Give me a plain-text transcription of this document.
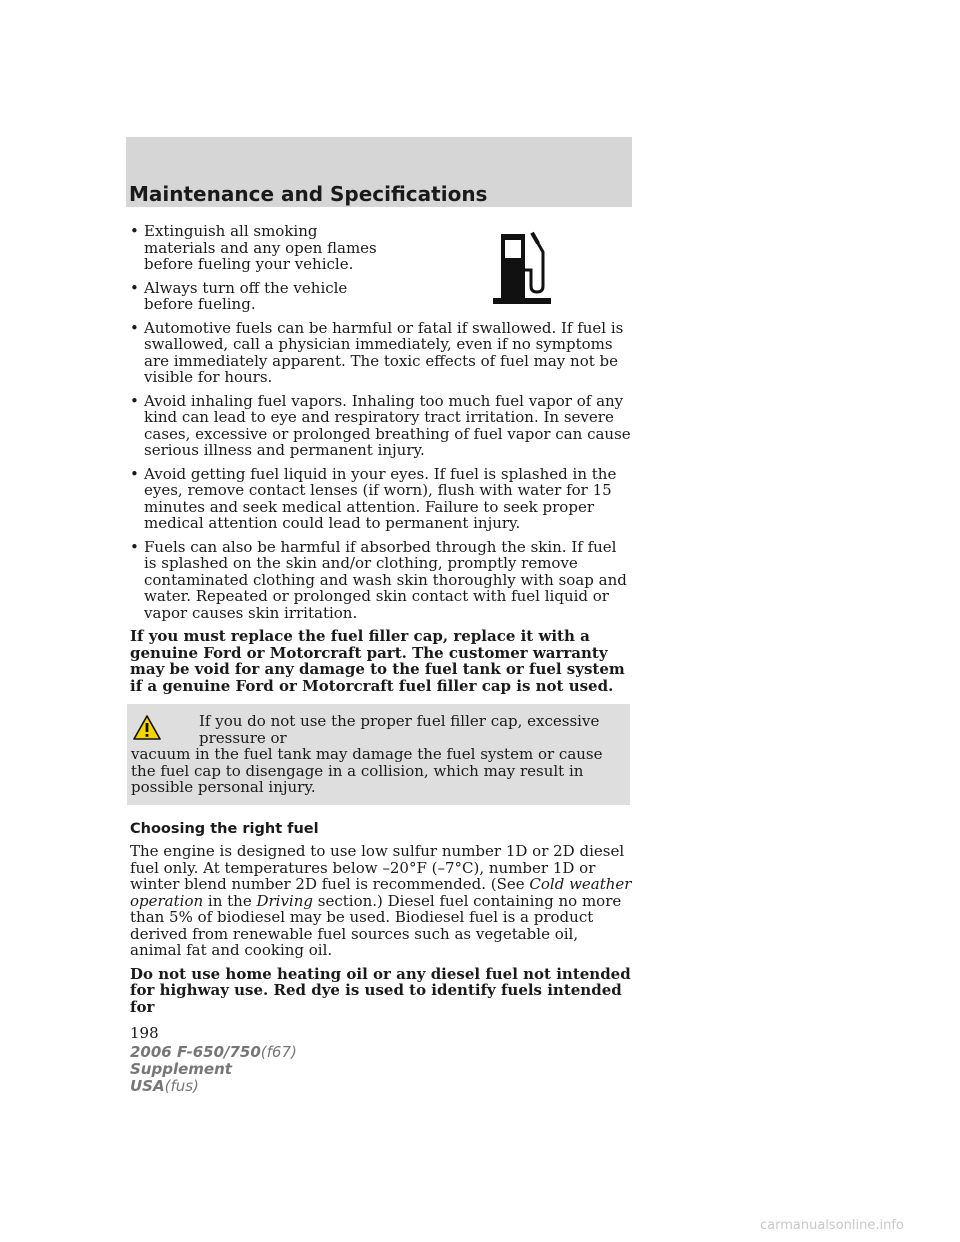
Maintenance and Specifications
• Extinguish all smoking materials and any open flames before fueling your vehicle.
• Always turn off the vehicle before fueling.
• Automotive fuels can be harmful or fatal if swallowed. If fuel is swallowed, call a physician immediately, even if no symptoms are immediately apparent. The toxic effects of fuel may not be visible for hours.
• Avoid inhaling fuel vapors. Inhaling too much fuel vapor of any kind can lead to eye and respiratory tract irritation. In severe cases, excessive or prolonged breathing of fuel vapor can cause serious illness and permanent injury.
• Avoid getting fuel liquid in your eyes. If fuel is splashed in the eyes, remove contact lenses (if worn), flush with water for 15 minutes and seek medical attention. Failure to seek proper medical attention could lead to permanent injury.
• Fuels can also be harmful if absorbed through the skin. If fuel is splashed on the skin and/or clothing, promptly remove contaminated clothing and wash skin thoroughly with soap and water. Repeated or prolonged skin contact with fuel liquid or vapor causes skin irritation.

If you must replace the fuel filler cap, replace it with a genuine Ford or Motorcraft part. The customer warranty may be void for any damage to the fuel tank or fuel system if a genuine Ford or Motorcraft fuel filler cap is not used.

If you do not use the proper fuel filler cap, excessive pressure or
vacuum in the fuel tank may damage the fuel system or cause the fuel cap to disengage in a collision, which may result in possible personal injury.
Choosing the right fuel

The engine is designed to use low sulfur number 1D or 2D diesel fuel only. At temperatures below –20°F (–7°C), number 1D or winter blend number 2D fuel is recommended. (See Cold weather operation in the Driving section.) Diesel fuel containing no more than 5% of biodiesel may be used. Biodiesel fuel is a product derived from renewable fuel sources such as vegetable oil, animal fat and cooking oil.

Do not use home heating oil or any diesel fuel not intended for highway use. Red dye is used to identify fuels intended for

198
2006 F-650/750(f67)
Supplement
USA(fus)
carmanualsonline.info
